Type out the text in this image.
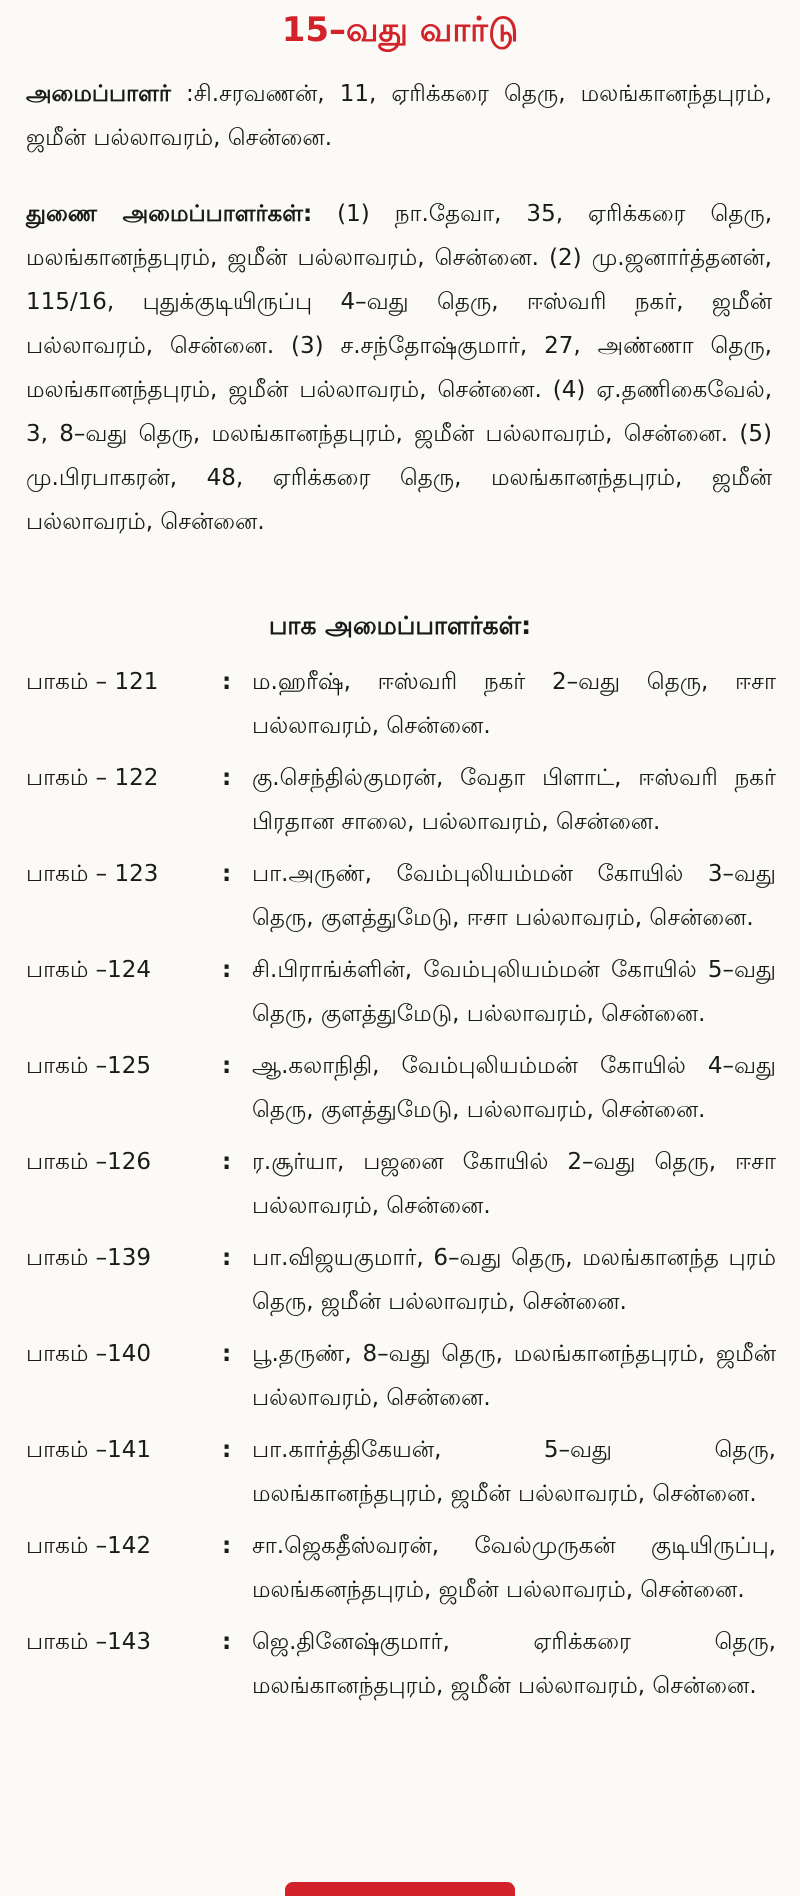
15–வது வார்டு
அமைப்பாளர் :சி.சரவணன், 11, ஏரிக்கரை தெரு, மலங்கானந்தபுரம், ஜமீன் பல்லாவரம், சென்னை.
துணை அமைப்பாளர்கள்: (1) நா.தேவா, 35, ஏரிக்கரை தெரு, மலங்கானந்தபுரம், ஜமீன் பல்லாவரம், சென்னை. (2) மு.ஜனார்த்தனன், 115/16, புதுக்குடியிருப்பு 4–வது தெரு, ஈஸ்வரி நகர், ஜமீன் பல்லாவரம், சென்னை. (3) ச.சந்தோஷ்குமார், 27, அண்ணா தெரு, மலங்கானந்தபுரம், ஜமீன் பல்லாவரம், சென்னை. (4) ஏ.தணிகைவேல், 3, 8–வது தெரு, மலங்கானந்தபுரம், ஜமீன் பல்லாவரம், சென்னை. (5) மு.பிரபாகரன், 48, ஏரிக்கரை தெரு, மலங்கானந்தபுரம், ஜமீன் பல்லாவரம், சென்னை.
பாக அமைப்பாளர்கள்:
பாகம் – 121	: ம.ஹரீஷ், ஈஸ்வரி நகர் 2–வது தெரு, ஈசா பல்லாவரம், சென்னை.
பாகம் – 122	: கு.செந்தில்குமரன், வேதா பிளாட், ஈஸ்வரி நகர் பிரதான சாலை, பல்லாவரம், சென்னை.
பாகம் – 123	: பா.அருண், வேம்புலியம்மன் கோயில் 3–வது தெரு, குளத்துமேடு, ஈசா பல்லாவரம், சென்னை.
பாகம் –124	: சி.பிராங்க்ளின், வேம்புலியம்மன் கோயில் 5–வது தெரு, குளத்துமேடு, பல்லாவரம், சென்னை.
பாகம் –125	: ஆ.கலாநிதி, வேம்புலியம்மன் கோயில் 4–வது தெரு, குளத்துமேடு, பல்லாவரம், சென்னை.
பாகம் –126	: ர.சூர்யா, பஜனை கோயில் 2–வது தெரு, ஈசா பல்லாவரம், சென்னை.
பாகம் –139	: பா.விஜயகுமார், 6–வது தெரு, மலங்கானந்த புரம் தெரு, ஜமீன் பல்லாவரம், சென்னை.
பாகம் –140	: பூ.தருண், 8–வது தெரு, மலங்கானந்தபுரம், ஜமீன் பல்லாவரம், சென்னை.
பாகம் –141	: பா.கார்த்திகேயன், 5–வது தெரு, மலங்கானந்தபுரம், ஜமீன் பல்லாவரம், சென்னை.
பாகம் –142	: சா.ஜெகதீஸ்வரன், வேல்முருகன் குடியிருப்பு, மலங்கனந்தபுரம், ஜமீன் பல்லாவரம், சென்னை.
பாகம் –143	: ஜெ.தினேஷ்குமார், ஏரிக்கரை தெரு, மலங்கானந்தபுரம், ஜமீன் பல்லாவரம், சென்னை.
